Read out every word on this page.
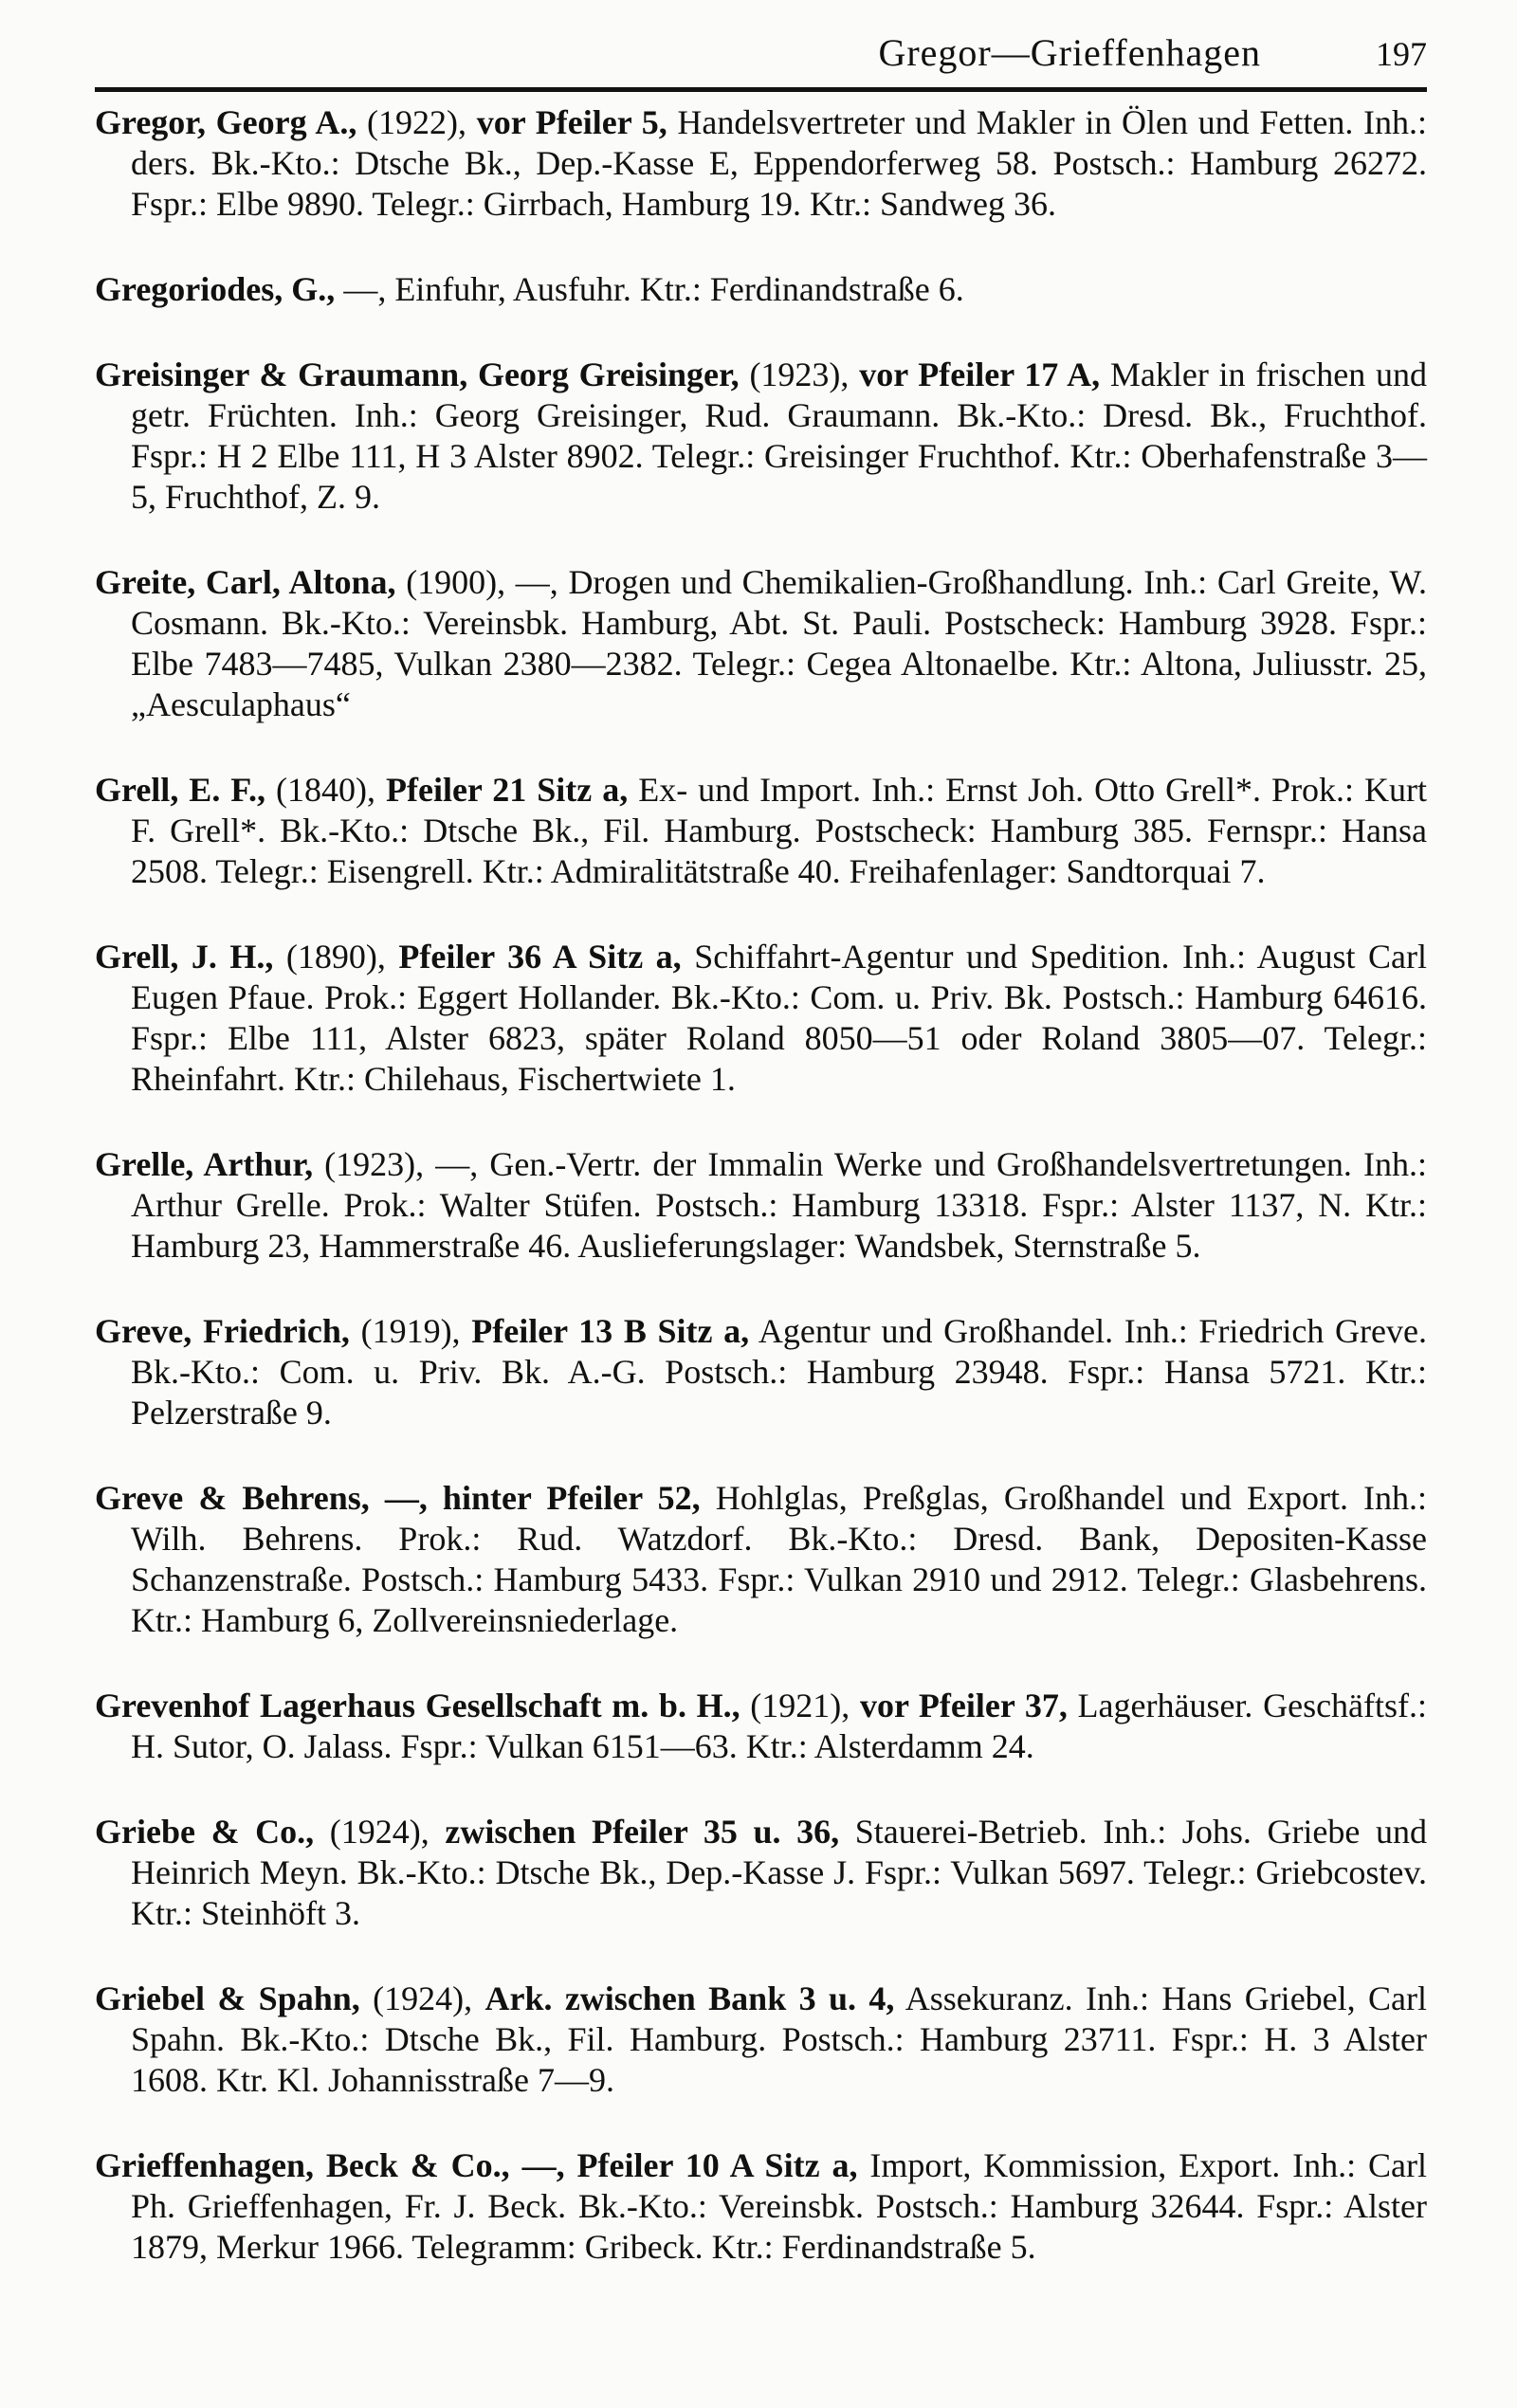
Gregor—Grieffenhagen	197

Gregor, Georg A., (1922), vor Pfeiler 5, Handelsvertreter und Makler in Ölen und Fetten. Inh.: ders. Bk.-Kto.: Dtsche Bk., Dep.-Kasse E, Eppendorferweg 58. Postsch.: Hamburg 26272. Fspr.: Elbe 9890. Telegr.: Girrbach, Hamburg 19. Ktr.: Sandweg 36.

Gregoriodes, G., —, Einfuhr, Ausfuhr. Ktr.: Ferdinandstraße 6.

Greisinger & Graumann, Georg Greisinger, (1923), vor Pfeiler 17 A, Makler in frischen und getr. Früchten. Inh.: Georg Greisinger, Rud. Graumann. Bk.-Kto.: Dresd. Bk., Fruchthof. Fspr.: H 2 Elbe 111, H 3 Alster 8902. Telegr.: Greisinger Fruchthof. Ktr.: Oberhafenstraße 3—5, Fruchthof, Z. 9.

Greite, Carl, Altona, (1900), —, Drogen und Chemikalien-Großhandlung. Inh.: Carl Greite, W. Cosmann. Bk.-Kto.: Vereinsbk. Hamburg, Abt. St. Pauli. Postscheck: Hamburg 3928. Fspr.: Elbe 7483—7485, Vulkan 2380—2382. Telegr.: Cegea Altonaelbe. Ktr.: Altona, Juliusstr. 25, „Aesculaphaus“

Grell, E. F., (1840), Pfeiler 21 Sitz a, Ex- und Import. Inh.: Ernst Joh. Otto Grell*. Prok.: Kurt F. Grell*. Bk.-Kto.: Dtsche Bk., Fil. Hamburg. Postscheck: Hamburg 385. Fernspr.: Hansa 2508. Telegr.: Eisengrell. Ktr.: Admiralitätstraße 40. Freihafenlager: Sandtorquai 7.

Grell, J. H., (1890), Pfeiler 36 A Sitz a, Schiffahrt-Agentur und Spedition. Inh.: August Carl Eugen Pfaue. Prok.: Eggert Hollander. Bk.-Kto.: Com. u. Priv. Bk. Postsch.: Hamburg 64616. Fspr.: Elbe 111, Alster 6823, später Roland 8050—51 oder Roland 3805—07. Telegr.: Rheinfahrt. Ktr.: Chilehaus, Fischertwiete 1.

Grelle, Arthur, (1923), —, Gen.-Vertr. der Immalin Werke und Großhandelsvertretungen. Inh.: Arthur Grelle. Prok.: Walter Stüfen. Postsch.: Hamburg 13318. Fspr.: Alster 1137, N. Ktr.: Hamburg 23, Hammerstraße 46. Auslieferungslager: Wandsbek, Sternstraße 5.

Greve, Friedrich, (1919), Pfeiler 13 B Sitz a, Agentur und Großhandel. Inh.: Friedrich Greve. Bk.-Kto.: Com. u. Priv. Bk. A.-G. Postsch.: Hamburg 23948. Fspr.: Hansa 5721. Ktr.: Pelzerstraße 9.

Greve & Behrens, —, hinter Pfeiler 52, Hohlglas, Preßglas, Großhandel und Export. Inh.: Wilh. Behrens. Prok.: Rud. Watzdorf. Bk.-Kto.: Dresd. Bank, Depositen-Kasse Schanzenstraße. Postsch.: Hamburg 5433. Fspr.: Vulkan 2910 und 2912. Telegr.: Glasbehrens. Ktr.: Hamburg 6, Zollvereinsniederlage.

Grevenhof Lagerhaus Gesellschaft m. b. H., (1921), vor Pfeiler 37, Lagerhäuser. Geschäftsf.: H. Sutor, O. Jalass. Fspr.: Vulkan 6151—63. Ktr.: Alsterdamm 24.

Griebe & Co., (1924), zwischen Pfeiler 35 u. 36, Stauerei-Betrieb. Inh.: Johs. Griebe und Heinrich Meyn. Bk.-Kto.: Dtsche Bk., Dep.-Kasse J. Fspr.: Vulkan 5697. Telegr.: Griebcostev. Ktr.: Steinhöft 3.

Griebel & Spahn, (1924), Ark. zwischen Bank 3 u. 4, Assekuranz. Inh.: Hans Griebel, Carl Spahn. Bk.-Kto.: Dtsche Bk., Fil. Hamburg. Postsch.: Hamburg 23711. Fspr.: H. 3 Alster 1608. Ktr. Kl. Johannisstraße 7—9.

Grieffenhagen, Beck & Co., —, Pfeiler 10 A Sitz a, Import, Kommission, Export. Inh.: Carl Ph. Grieffenhagen, Fr. J. Beck. Bk.-Kto.: Vereinsbk. Postsch.: Hamburg 32644. Fspr.: Alster 1879, Merkur 1966. Telegramm: Gribeck. Ktr.: Ferdinandstraße 5.
